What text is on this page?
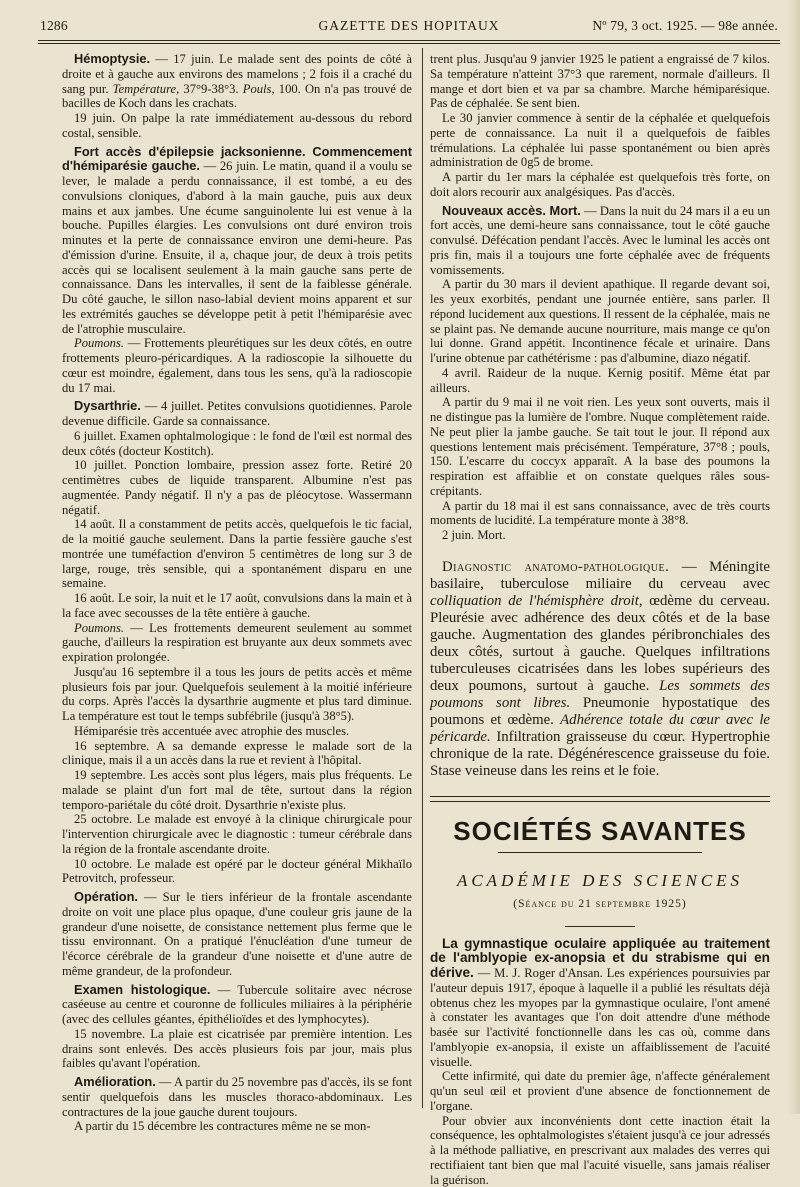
1286	GAZETTE DES HOPITAUX	Nº 79, 3 oct. 1925. — 98e année.

Hémoptysie. — 17 juin. Le malade sent des points de côté à droite et à gauche aux environs des mamelons ; 2 fois il a craché du sang pur. Température, 37°9-38°3. Pouls, 100. On n'a pas trouvé de bacilles de Koch dans les crachats.

19 juin. On palpe la rate immédiatement au-dessous du rebord costal, sensible.

Fort accès d'épilepsie jacksonienne. Commencement d'hémiparésie gauche. — 26 juin. Le matin, quand il a voulu se lever, le malade a perdu connaissance, il est tombé, a eu des convulsions cloniques, d'abord à la main gauche, puis aux deux mains et aux jambes. Une écume sanguinolente lui est venue à la bouche. Pupilles élargies. Les convulsions ont duré environ trois minutes et la perte de connaissance environ une demi-heure. Pas d'émission d'urine. Ensuite, il a, chaque jour, de deux à trois petits accès qui se localisent seulement à la main gauche sans perte de connaissance. Dans les intervalles, il sent de la faiblesse générale. Du côté gauche, le sillon naso-labial devient moins apparent et sur les extrémités gauches se développe petit à petit l'hémiparésie avec de l'atrophie musculaire.

Poumons. — Frottements pleurétiques sur les deux côtés, en outre frottements pleuro-péricardiques. A la radioscopie la silhouette du cœur est moindre, également, dans tous les sens, qu'à la radioscopie du 17 mai.

Dysarthrie. — 4 juillet. Petites convulsions quotidiennes. Parole devenue difficile. Garde sa connaissance.

6 juillet. Examen ophtalmologique : le fond de l'œil est normal des deux côtés (docteur Kostitch).

10 juillet. Ponction lombaire, pression assez forte. Retiré 20 centimètres cubes de liquide transparent. Albumine n'est pas augmentée. Pandy négatif. Il n'y a pas de pléocytose. Wassermann négatif.

14 août. Il a constamment de petits accès, quelquefois le tic facial, de la moitié gauche seulement. Dans la partie fessière gauche s'est montrée une tuméfaction d'environ 5 centimètres de long sur 3 de large, rouge, très sensible, qui a spontanément disparu en une semaine.

16 août. Le soir, la nuit et le 17 août, convulsions dans la main et à la face avec secousses de la tête entière à gauche.

Poumons. — Les frottements demeurent seulement au sommet gauche, d'ailleurs la respiration est bruyante aux deux sommets avec expiration prolongée.

Jusqu'au 16 septembre il a tous les jours de petits accès et même plusieurs fois par jour. Quelquefois seulement à la moitié inférieure du corps. Après l'accès la dysarthrie augmente et plus tard diminue. La température est tout le temps subfébrile (jusqu'à 38°5).

Hémiparésie très accentuée avec atrophie des muscles.

16 septembre. A sa demande expresse le malade sort de la clinique, mais il a un accès dans la rue et revient à l'hôpital.

19 septembre. Les accès sont plus légers, mais plus fréquents. Le malade se plaint d'un fort mal de tête, surtout dans la région temporo-pariétale du côté droit. Dysarthrie n'existe plus.

25 octobre. Le malade est envoyé à la clinique chirurgicale pour l'intervention chirurgicale avec le diagnostic : tumeur cérébrale dans la région de la frontale ascendante droite.

10 octobre. Le malade est opéré par le docteur général Mikhaïlo Petrovitch, professeur.

Opération. — Sur le tiers inférieur de la frontale ascendante droite on voit une place plus opaque, d'une couleur gris jaune de la grandeur d'une noisette, de consistance nettement plus ferme que le tissu environnant. On a pratiqué l'énucléation d'une tumeur de l'écorce cérébrale de la grandeur d'une noisette et d'une autre de même grandeur, de la profondeur.

Examen histologique. — Tubercule solitaire avec nécrose caséeuse au centre et couronne de follicules miliaires à la périphérie (avec des cellules géantes, épithélioïdes et des lymphocytes).

15 novembre. La plaie est cicatrisée par première intention. Les drains sont enlevés. Des accès plusieurs fois par jour, mais plus faibles qu'avant l'opération.

Amélioration. — A partir du 25 novembre pas d'accès, ils se font sentir quelquefois dans les muscles thoraco-abdominaux. Les contractures de la joue gauche durent toujours.

A partir du 15 décembre les contractures même ne se mon-

trent plus. Jusqu'au 9 janvier 1925 le patient a engraissé de 7 kilos. Sa température n'atteint 37°3 que rarement, normale d'ailleurs. Il mange et dort bien et va par sa chambre. Marche hémiparésique. Pas de céphalée. Se sent bien.

Le 30 janvier commence à sentir de la céphalée et quelquefois perte de connaissance. La nuit il a quelquefois de faibles trémulations. La céphalée lui passe spontanément ou bien après administration de 0g5 de brome.

A partir du 1er mars la céphalée est quelquefois très forte, on doit alors recourir aux analgésiques. Pas d'accès.

Nouveaux accès. Mort. — Dans la nuit du 24 mars il a eu un fort accès, une demi-heure sans connaissance, tout le côté gauche convulsé. Défécation pendant l'accès. Avec le luminal les accès ont pris fin, mais il a toujours une forte céphalée avec de fréquents vomissements.

A partir du 30 mars il devient apathique. Il regarde devant soi, les yeux exorbités, pendant une journée entière, sans parler. Il répond lucidement aux questions. Il ressent de la céphalée, mais ne se plaint pas. Ne demande aucune nourriture, mais mange ce qu'on lui donne. Grand appétit. Incontinence fécale et urinaire. Dans l'urine obtenue par cathétérisme : pas d'albumine, diazo négatif.

4 avril. Raideur de la nuque. Kernig positif. Même état par ailleurs.

A partir du 9 mai il ne voit rien. Les yeux sont ouverts, mais il ne distingue pas la lumière de l'ombre. Nuque complètement raide. Ne peut plier la jambe gauche. Se tait tout le jour. Il répond aux questions lentement mais précisément. Température, 37°8 ; pouls, 150. L'escarre du coccyx apparaît. A la base des poumons la respiration est affaiblie et on constate quelques râles sous-crépitants.

A partir du 18 mai il est sans connaissance, avec de très courts moments de lucidité. La température monte à 38°8.

2 juin. Mort.

Diagnostic anatomo-pathologique. — Méningite basilaire, tuberculose miliaire du cerveau avec colliquation de l'hémisphère droit, œdème du cerveau. Pleurésie avec adhérence des deux côtés et de la base gauche. Augmentation des glandes péribronchiales des deux côtés, surtout à gauche. Quelques infiltrations tuberculeuses cicatrisées dans les lobes supérieurs des deux poumons, surtout à gauche. Les sommets des poumons sont libres. Pneumonie hypostatique des poumons et œdème. Adhérence totale du cœur avec le péricarde. Infiltration graisseuse du cœur. Hypertrophie chronique de la rate. Dégénérescence graisseuse du foie. Stase veineuse dans les reins et le foie.

SOCIÉTÉS SAVANTES
ACADÉMIE DES SCIENCES
(Séance du 21 septembre 1925)

La gymnastique oculaire appliquée au traitement de l'amblyopie ex-anopsia et du strabisme qui en dérive. — M. J. Roger d'Ansan. Les expériences poursuivies par l'auteur depuis 1917, époque à laquelle il a publié les résultats déjà obtenus chez les myopes par la gymnastique oculaire, l'ont amené à constater les avantages que l'on doit attendre d'une méthode basée sur l'activité fonctionnelle dans les cas où, comme dans l'amblyopie ex-anopsia, il existe un affaiblissement de l'acuité visuelle.

Cette infirmité, qui date du premier âge, n'affecte généralement qu'un seul œil et provient d'une absence de fonctionnement de l'organe.

Pour obvier aux inconvénients dont cette inaction était la conséquence, les ophtalmologistes s'étaient jusqu'à ce jour adressés à la méthode palliative, en prescrivant aux malades des verres qui rectifiaient tant bien que mal l'acuité visuelle, sans jamais réaliser la guérison.
